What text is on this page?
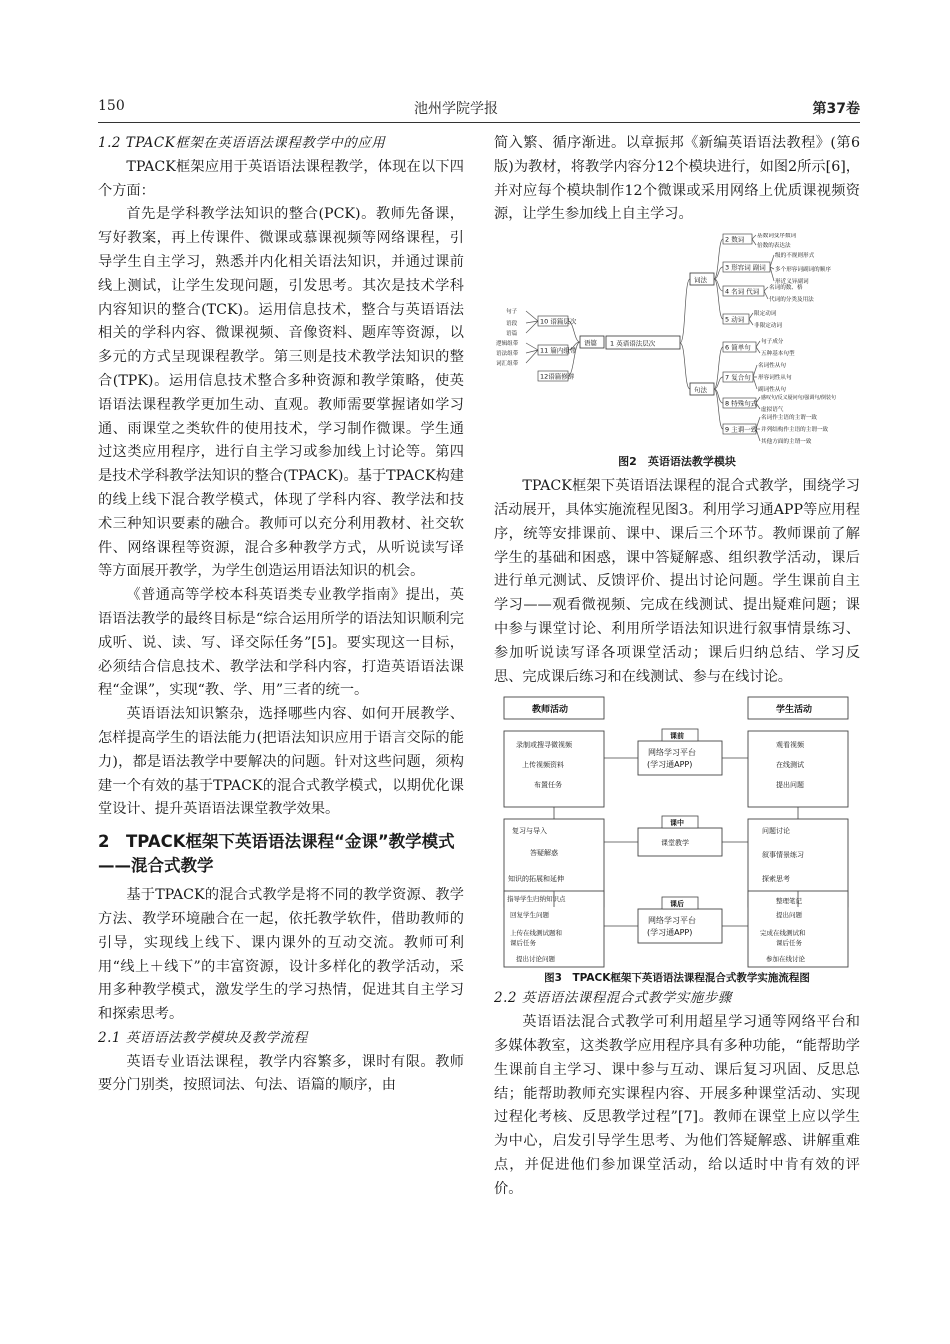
150	池州学院学报	第37卷
1.2 TPACK框架在英语语法课程教学中的应用
TPACK框架应用于英语语法课程教学，体现在以下四个方面：
首先是学科教学法知识的整合(PCK)。教师先备课，写好教案，再上传课件、微课或慕课视频等网络课程，引导学生自主学习，熟悉并内化相关语法知识，并通过课前线上测试，让学生发现问题，引发思考。其次是技术学科内容知识的整合(TCK)。运用信息技术，整合与英语语法相关的学科内容、微课视频、音像资料、题库等资源，以多元的方式呈现课程教学。第三则是技术教学法知识的整合(TPK)。运用信息技术整合多种资源和教学策略，使英语语法课程教学更加生动、直观。教师需要掌握诸如学习通、雨课堂之类软件的使用技术，学习制作微课。学生通过这类应用程序，进行自主学习或参加线上讨论等。第四是技术学科教学法知识的整合(TPACK)。基于TPACK构建的线上线下混合教学模式，体现了学科内容、教学法和技术三种知识要素的融合。教师可以充分利用教材、社交软件、网络课程等资源，混合多种教学方式，从听说读写译等方面展开教学，为学生创造运用语法知识的机会。
《普通高等学校本科英语类专业教学指南》提出，英语语法教学的最终目标是“综合运用所学的语法知识顺利完成听、说、读、写、译交际任务”[5]。要实现这一目标，必须结合信息技术、教学法和学科内容，打造英语语法课程“金课”，实现“教、学、用”三者的统一。
英语语法知识繁杂，选择哪些内容、如何开展教学、怎样提高学生的语法能力(把语法知识应用于语言交际的能力)，都是语法教学中要解决的问题。针对这些问题，须构建一个有效的基于TPACK的混合式教学模式，以期优化课堂设计、提升英语语法课堂教学效果。
2　TPACK框架下英语语法课程“金课”教学模式——混合式教学
基于TPACK的混合式教学是将不同的教学资源、教学方法、教学环境融合在一起，依托教学软件，借助教师的引导，实现线上线下、课内课外的互动交流。教师可利用“线上＋线下”的丰富资源，设计多样化的教学活动，采用多种教学模式，激发学生的学习热情，促进其自主学习和探索思考。
2.1 英语语法教学模块及教学流程
英语专业语法课程，教学内容繁多，课时有限。教师要分门别类，按照词法、句法、语篇的顺序，由
简入繁、循序渐进。以章振邦《新编英语语法教程》(第6版)为教材，将教学内容分12个模块进行，如图2所示[6]，并对应每个模块制作12个微课或采用网络上优质课视频资源，让学生参加线上自主学习。
1 英语语法层次
词法
句法
语篇
2 数词
3 形容词 副词
4 名词 代词
5 动词
6 简单句
7 复合句
8 特殊句式
9 主谓一致
10 语篇层次
11 篇内组带
12语篇修辞
基数词变序数词
倍数的表达法
级的不规则形式
多个形容词副词的顺序
形近义异副词
名词的数、格
代词的分类及用法
限定动词
非限定动词
句子成分
五种基本句型
名词性从句
形容词性从句
副词性从句
感叹句/反义疑问句/强调句/倒装句
虚拟语气
名词作主语的主谓一致
并列结构作主语的主谓一致
其他方面的主谓一致
句子
语段
语篇
逻辑组带
语法组带
词汇组带
图2　英语语法教学模块
TPACK框架下英语语法课程的混合式教学，围绕学习活动展开，具体实施流程见图3。利用学习通APP等应用程序，统等安排课前、课中、课后三个环节。教师课前了解学生的基础和困惑，课中答疑解惑、组织教学活动，课后进行单元测试、反馈评价、提出讨论问题。学生课前自主学习——观看微视频、完成在线测试、提出疑难问题；课中参与课堂讨论、利用所学语法知识进行叙事情景练习、参加听说读写译各项课堂活动；课后归纳总结、学习反思、完成课后练习和在线测试、参与在线讨论。
教师活动	学生活动
课前
课中
课后
网络学习平台
(学习通APP)
课堂教学
网络学习平台
(学习通APP)
录制或搜寻微视频
上传视频资料
布置任务
复习与导入
答疑解惑
知识的拓展和延伸
指导学生归纳知识点
回复学生问题
上传在线测试题和
课后任务
提出讨论问题
观看视频
在线测试
提出问题
问题讨论
叙事情景练习
探索思考
整理笔记
提出问题
完成在线测试和
课后任务
参加在线讨论
图3　TPACK框架下英语语法课程混合式教学实施流程图
2.2 英语语法课程混合式教学实施步骤
英语语法混合式教学可利用超星学习通等网络平台和多媒体教室，这类教学应用程序具有多种功能，“能帮助学生课前自主学习、课中参与互动、课后复习巩固、反思总结；能帮助教师充实课程内容、开展多种课堂活动、实现过程化考核、反思教学过程”[7]。教师在课堂上应以学生为中心，启发引导学生思考、为他们答疑解惑、讲解重难点，并促进他们参加课堂活动，给以适时中肯有效的评价。
